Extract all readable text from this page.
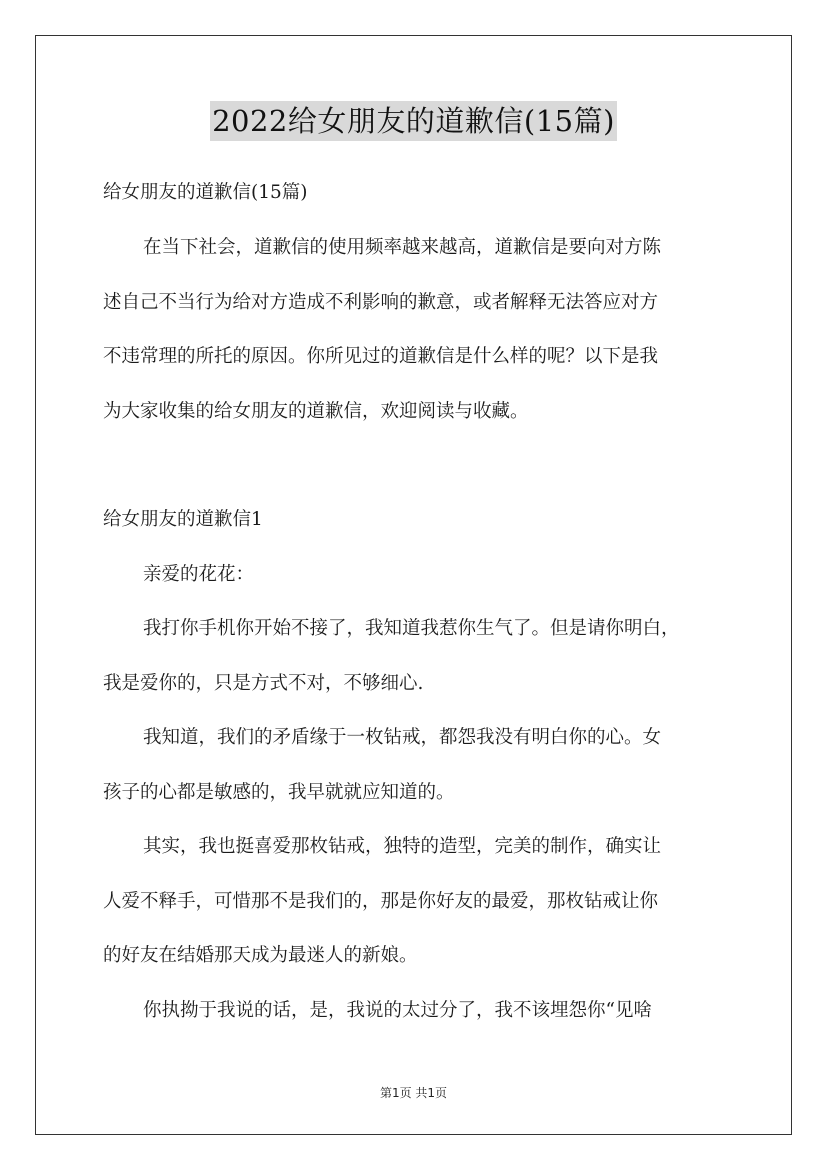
2022给女朋友的道歉信(15篇)
给女朋友的道歉信(15篇)
在当下社会，道歉信的使用频率越来越高，道歉信是要向对方陈
述自己不当行为给对方造成不利影响的歉意，或者解释无法答应对方
不违常理的所托的原因。你所见过的道歉信是什么样的呢？以下是我
为大家收集的给女朋友的道歉信，欢迎阅读与收藏。
给女朋友的道歉信1
亲爱的花花：
我打你手机你开始不接了，我知道我惹你生气了。但是请你明白，
我是爱你的，只是方式不对，不够细心.
我知道，我们的矛盾缘于一枚钻戒，都怨我没有明白你的心。女
孩子的心都是敏感的，我早就就应知道的。
其实，我也挺喜爱那枚钻戒，独特的造型，完美的制作，确实让
人爱不释手，可惜那不是我们的，那是你好友的最爱，那枚钻戒让你
的好友在结婚那天成为最迷人的新娘。
你执拗于我说的话，是，我说的太过分了，我不该埋怨你“见啥
第1页 共1页
